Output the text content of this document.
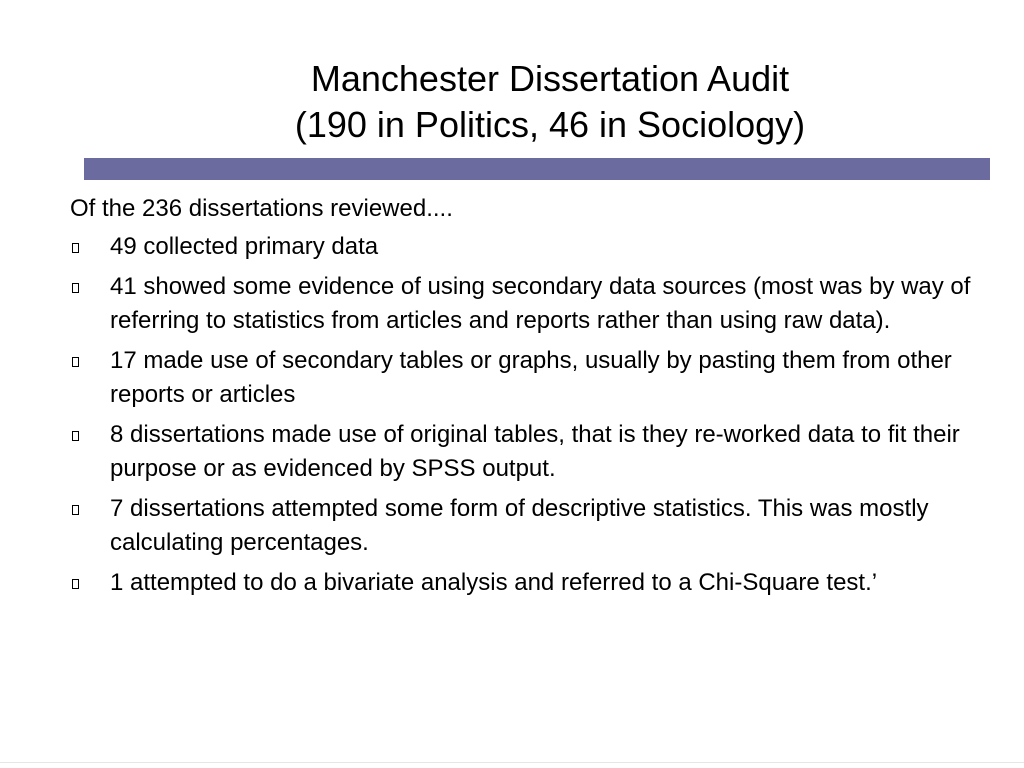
Manchester Dissertation Audit
(190 in Politics, 46 in Sociology)
Of the 236 dissertations reviewed....
49 collected primary data
41 showed some evidence of using secondary data sources (most was by way of referring to statistics from articles and reports rather than using raw data).
17 made use of secondary tables or graphs, usually by pasting them from other reports or articles
8 dissertations made use of original tables, that is they re-worked data to fit their purpose or as evidenced by SPSS output.
7 dissertations attempted some form of descriptive statistics. This was mostly calculating percentages.
1 attempted to do a bivariate analysis and referred to a Chi-Square test.’
